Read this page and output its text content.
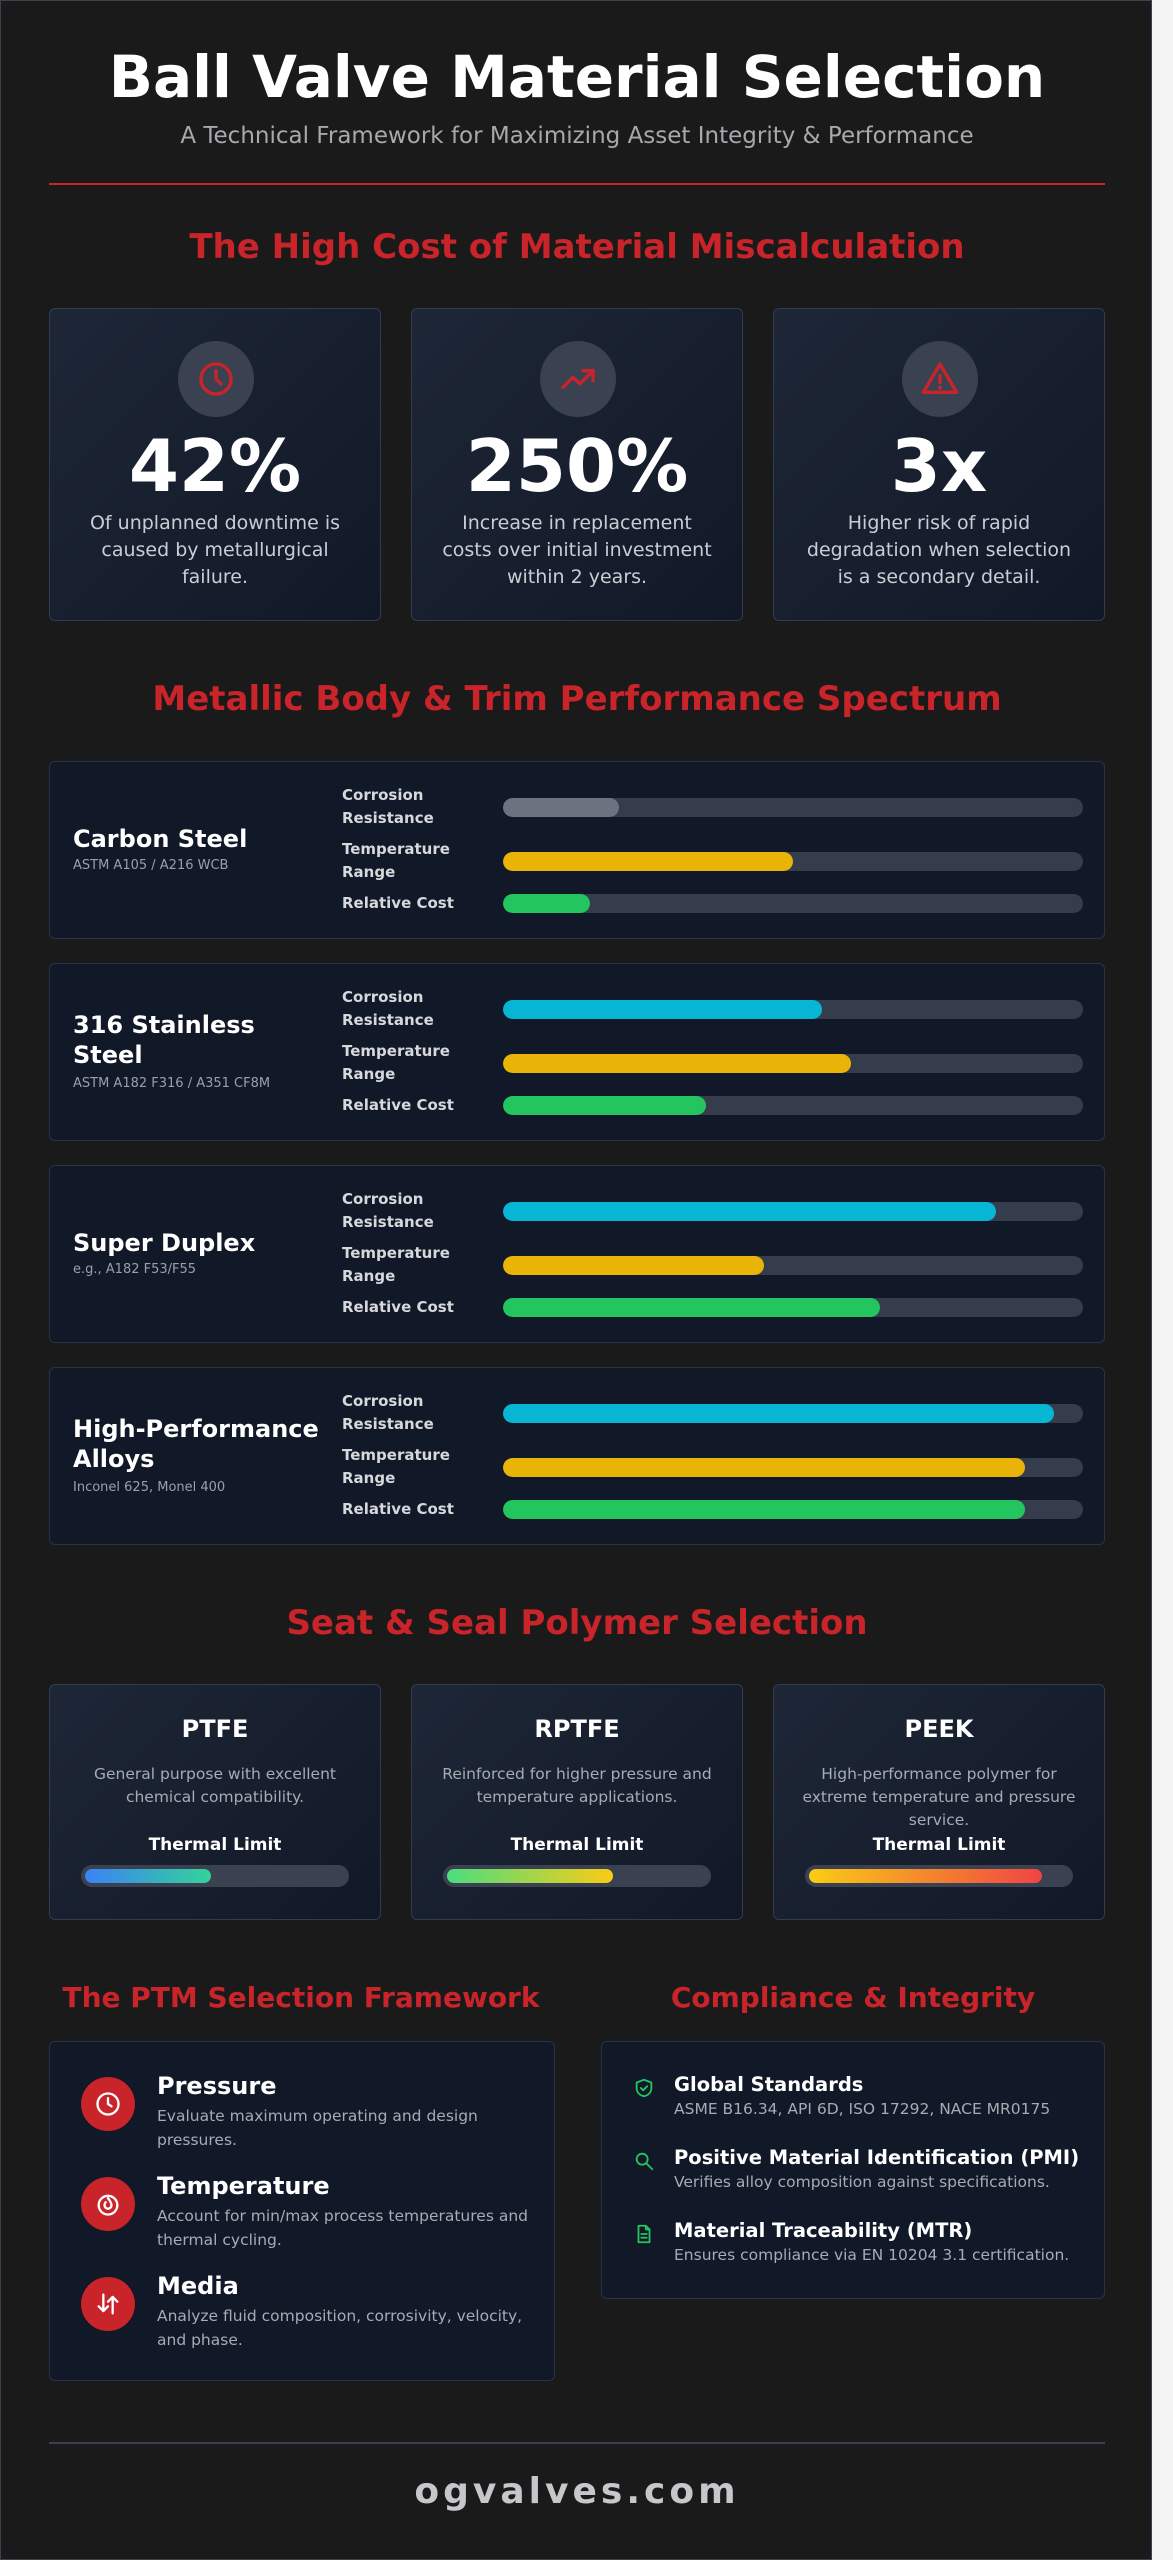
Ball Valve Material Selection
A Technical Framework for Maximizing Asset Integrity & Performance
The High Cost of Material Miscalculation
42%
Of unplanned downtime is caused by metallurgical failure.
250%
Increase in replacement costs over initial investment within 2 years.
3x
Higher risk of rapid degradation when selection is a secondary detail.
Metallic Body & Trim Performance Spectrum
Carbon Steel
ASTM A105 / A216 WCB
Corrosion Resistance
Temperature Range
Relative Cost
316 Stainless Steel
ASTM A182 F316 / A351 CF8M
Corrosion Resistance
Temperature Range
Relative Cost
Super Duplex
e.g., A182 F53/F55
Corrosion Resistance
Temperature Range
Relative Cost
High-Performance Alloys
Inconel 625, Monel 400
Corrosion Resistance
Temperature Range
Relative Cost
Seat & Seal Polymer Selection
PTFE
General purpose with excellent chemical compatibility.
Thermal Limit
RPTFE
Reinforced for higher pressure and temperature applications.
Thermal Limit
PEEK
High-performance polymer for extreme temperature and pressure service.
Thermal Limit
The PTM Selection Framework
Pressure
Evaluate maximum operating and design pressures.
Temperature
Account for min/max process temperatures and thermal cycling.
Media
Analyze fluid composition, corrosivity, velocity, and phase.
Compliance & Integrity
Global Standards
ASME B16.34, API 6D, ISO 17292, NACE MR0175
Positive Material Identification (PMI)
Verifies alloy composition against specifications.
Material Traceability (MTR)
Ensures compliance via EN 10204 3.1 certification.
ogvalves.com
